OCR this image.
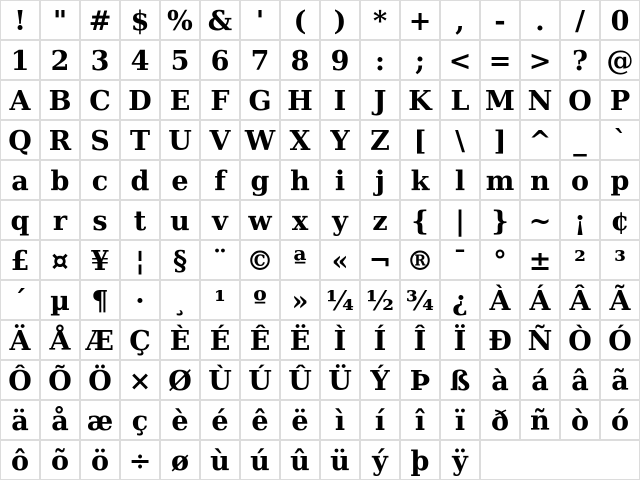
!	" # $ % & '	(	) * + ,	-	.	/ 0
1 2 3 4 5 6 7 8 9 :	; < = > ? @
A B C D E F G H I	J K L M N O P
Q R S T U V W X Y Z [	\	] ^ _ `
a b c d e f g h i	j k l m n o p
q r s t u v w x y z { | } ~ ¡ ¢
£ ¤ ¥ ¦	§ ¨ © ª « ¬ ® ¯ ° ± ²	³
´ µ ¶ ·	¸	¹	º » ¼ ½ ¾ ¿ À Á Â Ã
Ä Å Æ Ç È É Ê Ë Ì	Í	Î	Ï Ð Ñ Ò Ó
Ô Õ Ö × Ø Ù Ú Û Ü Ý Þ ß à á â ã
ä å æ ç è é ê ë ì	í	î	ï ð ñ ò ó
ô õ ö ÷ ø ù ú û ü ý þ ÿ
